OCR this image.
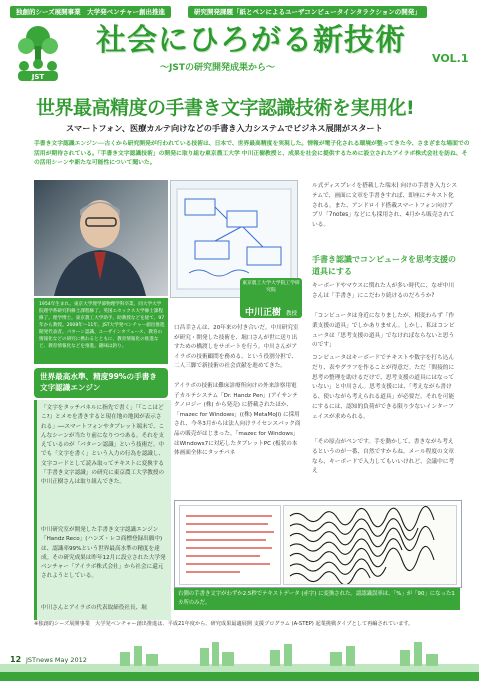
独創的シーズ展開事業　大学発ベンチャー創出推進	研究開発課題「紙とペンによるユーザコンピュータインタラクションの開発」
JST
社会にひろがる新技術
～JSTの研究開発成果から～
VOL.1
世界最高精度の手書き文字認識技術を実用化!
スマートフォン、医療カルテ向けなどの手書き入力システムでビジネス展開がスタート
手書き文字認識エンジン──古くから研究開発が行われている技術は、日本で、世界最高精度を実現した。情報が電子化される環境が整ってきた今、さまざまな場面での活用が期待されている。「手書き文字認識技術」の開発に取り組む東京農工大学 中川正樹教授と、成果を社会に提供するために設立されたアイラボ株式会社を訪ね、その活用シーンや新たな可能性について聞いた。
1954年生まれ。東京大学理学部物理学科卒業、同大学大学院理学系研究科修士課程修了。英国エセックス大学修士課程修了。理学博士。東京農工大学助手、助教授などを経て、97年から教授。2008年～11年、JST大学発ベンチャー創出推進開発代表者。パターン認識、ユーザインタフェース、教育の情報化などの研究に携わるとともに、教育情報化の推進など、教育情報化などを推進。趣味は釣り。
東京農工大学大学院工学研究院
中川正樹 教授
世界最高水準、精度99%の手書き文字認識エンジン
「文字をタッチパネルに指先で書く」「『ここはどこ?』とメモを書きすると現在地の地図が表示される」──スマートフォンやタブレット端末で、こんなシーンが当たり前になりつつある。それを支えているのが「パターン認識」という技術だ。中でも「文字を書く」という入力の行為を認識し、文字コードとして読み取ってテキストに変換する「手書き文字認識」の研究に東京農工大学教授の中川正樹さんは取り組んできた。
中川研究室が開発した手書き文字認識エンジン「Handz Reco」(ハンズ・レコ商標登録出願中) は、認識率99%という世界最高水準の精度を達成。その研究成果は昨年12月に設立された大学発ベンチャー「アイラボ株式会社」から社会に還元されようとしている。
中川さんとアイラボの代表取締役社長、堀
口昌幸さんは、20年来の付き合いだ。中川研究室が研究・開発した技術を、堀口さんが世に送り出すための橋渡しをサポートを行う。中川さんがアイラボの技術顧問を務める、という役割分担で、二人三脚で新技術の社会貢献を進めてきた。
アイラボの技術は難床診療所向けの外来診察用電子カルテシステム「Dr. Handz Pen」(アイサンテクノロジー (株) から発売) に搭載されたほか、「mazec for Windows」((株) MetaMoJi) に採用され、今冬3月からは法人向けライセンスパック商品の販売がはじまった。「mazec for Windows」はWindows7に対応したタブレットPC (板状の本体画面全体にタッチパネ
ル式ディスプレイを搭載した端末) 向けの手書き入力システムで、画面に文章を手書きすれば、即座にテキスト化される。また、アンドロイド搭載スマートフォン向けアプリ「7notes」などにも採用され、4月から販売されている。
手書き認識でコンピュータを思考支援の道具にする
キーボードやマウスに慣れた人が多い時代に、なぜ中川さんは「手書き」にこだわり続けるのだろうか?
「コンピュータは身近になりましたが、相変わらず「作業支援の道具」でしかありません。しかし、私はコンピュータは「思考支援の道具」でなければならないと思うのです」
コンピュータはキーボードでテキストや数字を打ち込んだり、表やグラフを作ることが得意だ。ただ「間接的に思考の整理を助けるだけで、思考支援の道具にはなっていない」と中川さん。思考支援には、「考えながら書ける、使いながら考えられる道具」が必要だ。それを可能にするには、認知的負荷ができる限り少ないインターフェイスが求められる。
「その原点がペンです。手を動かして、書きながら考えるというのが一番、自然ですからね。メール程度の文章なら、キーボードで入力してもいいけれど、会議中に考え
右側の手書き文字がわずか2.5秒でテキストデータ (赤字) に変換された。認認識誤率は、「%」が「90」になった1カ所のみだ。
※独創的シーズ展開事業　大学発ベンチャー創出推進は、平成21年度から、研究成果最適展開 支援プログラム (A-STEP) 起業挑戦タイプとして再編されています。
12 JSTnews May 2012
